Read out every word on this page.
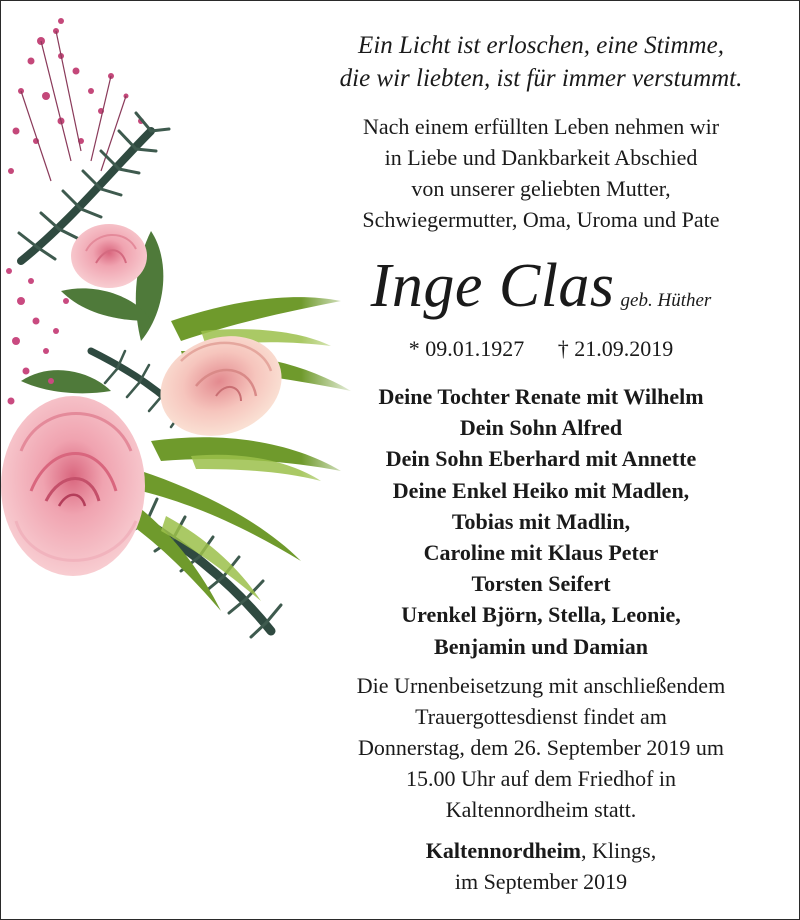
Ein Licht ist erloschen, eine Stimme,
die wir liebten, ist für immer verstummt.
Nach einem erfüllten Leben nehmen wir
in Liebe und Dankbarkeit Abschied
von unserer geliebten Mutter,
Schwiegermutter, Oma, Uroma und Pate
Inge Clas geb. Hüther
* 09.01.1927 † 21.09.2019
Deine Tochter Renate mit Wilhelm
Dein Sohn Alfred
Dein Sohn Eberhard mit Annette
Deine Enkel Heiko mit Madlen,
Tobias mit Madlin,
Caroline mit Klaus Peter
Torsten Seifert
Urenkel Björn, Stella, Leonie,
Benjamin und Damian
Die Urnenbeisetzung mit anschließendem
Trauergottesdienst findet am
Donnerstag, dem 26. September 2019 um
15.00 Uhr auf dem Friedhof in
Kaltennordheim statt.
Kaltennordheim, Klings,
im September 2019
